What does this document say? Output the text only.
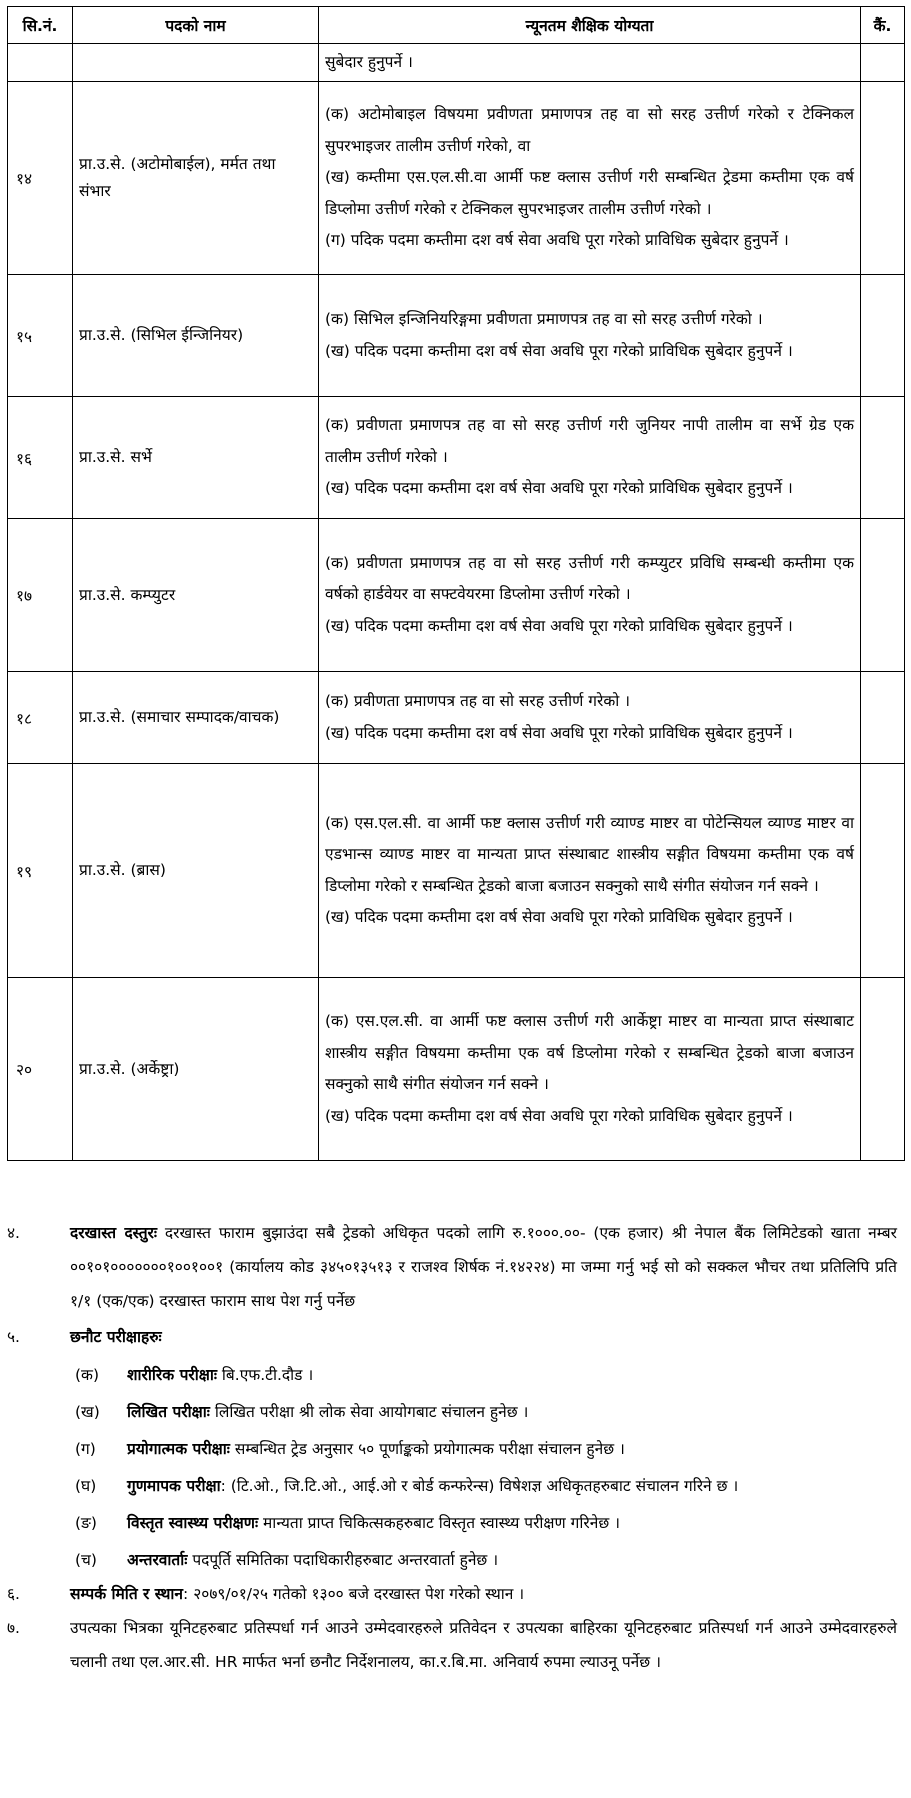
सि.नं.	पदको नाम	न्यूनतम शैक्षिक योग्यता	कैं.

		सुबेदार हुनुपर्ने ।	

१४	प्रा.उ.से. (अटोमोबाईल), मर्मत तथा संभार	(क) अटोमोबाइल विषयमा प्रवीणता प्रमाणपत्र तह वा सो सरह उत्तीर्ण गरेको र टेक्निकल सुपरभाइजर तालीम उत्तीर्ण गरेको, वा
(ख) कम्तीमा एस.एल.सी.वा आर्मी फष्ट क्लास उत्तीर्ण गरी सम्बन्धित ट्रेडमा कम्तीमा एक वर्ष डिप्लोमा उत्तीर्ण गरेको र टेक्निकल सुपरभाइजर तालीम उत्तीर्ण गरेको ।
(ग) पदिक पदमा कम्तीमा दश वर्ष सेवा अवधि पूरा गरेको प्राविधिक सुबेदार हुनुपर्ने ।	

१५	प्रा.उ.से. (सिभिल ईन्जिनियर)	(क) सिभिल इन्जिनियरिङ्गमा प्रवीणता प्रमाणपत्र तह वा सो सरह उत्तीर्ण गरेको ।
(ख) पदिक पदमा कम्तीमा दश वर्ष सेवा अवधि पूरा गरेको प्राविधिक सुबेदार हुनुपर्ने ।	

१६	प्रा.उ.से. सर्भे	(क) प्रवीणता प्रमाणपत्र तह वा सो सरह उत्तीर्ण गरी जुनियर नापी तालीम वा सर्भे ग्रेड एक तालीम उत्तीर्ण गरेको ।
(ख) पदिक पदमा कम्तीमा दश वर्ष सेवा अवधि पूरा गरेको प्राविधिक सुबेदार हुनुपर्ने ।	

१७	प्रा.उ.से. कम्प्युटर	(क) प्रवीणता प्रमाणपत्र तह वा सो सरह उत्तीर्ण गरी कम्प्युटर प्रविधि सम्बन्धी कम्तीमा एक वर्षको हार्डवेयर वा सफ्टवेयरमा डिप्लोमा उत्तीर्ण गरेको ।
(ख) पदिक पदमा कम्तीमा दश वर्ष सेवा अवधि पूरा गरेको प्राविधिक सुबेदार हुनुपर्ने ।	

१८	प्रा.उ.से. (समाचार सम्पादक/वाचक)	(क) प्रवीणता प्रमाणपत्र तह वा सो सरह उत्तीर्ण गरेको ।
(ख) पदिक पदमा कम्तीमा दश वर्ष सेवा अवधि पूरा गरेको प्राविधिक सुबेदार हुनुपर्ने ।	

१९	प्रा.उ.से. (ब्रास)	(क) एस.एल.सी. वा आर्मी फष्ट क्लास उत्तीर्ण गरी व्याण्ड माष्टर वा पोटेन्सियल व्याण्ड माष्टर वा एडभान्स व्याण्ड माष्टर वा मान्यता प्राप्त संस्थाबाट शास्त्रीय सङ्गीत विषयमा कम्तीमा एक वर्ष डिप्लोमा गरेको र सम्बन्धित ट्रेडको बाजा बजाउन सक्नुको साथै संगीत संयोजन गर्न सक्ने ।
(ख) पदिक पदमा कम्तीमा दश वर्ष सेवा अवधि पूरा गरेको प्राविधिक सुबेदार हुनुपर्ने ।	

२०	प्रा.उ.से. (अर्केष्ट्रा)	(क) एस.एल.सी. वा आर्मी फष्ट क्लास उत्तीर्ण गरी आर्केष्ट्रा माष्टर वा मान्यता प्राप्त संस्थाबाट शास्त्रीय सङ्गीत विषयमा कम्तीमा एक वर्ष डिप्लोमा गरेको र सम्बन्धित ट्रेडको बाजा बजाउन सक्नुको साथै संगीत संयोजन गर्न सक्ने ।
(ख) पदिक पदमा कम्तीमा दश वर्ष सेवा अवधि पूरा गरेको प्राविधिक सुबेदार हुनुपर्ने ।	

४.	दरखास्त दस्तुरः दरखास्त फाराम बुझाउंदा सबै ट्रेडको अधिकृत पदको लागि रु.१०००.००- (एक हजार) श्री नेपाल बैंक लिमिटेडको खाता नम्बर ००१०१०००००००१००१००१ (कार्यालय कोड ३४५०१३५१३ र राजश्व शिर्षक नं.१४२२४) मा जम्मा गर्नु भई सो को सक्कल भौचर तथा प्रतिलिपि प्रति १/१ (एक/एक) दरखास्त फाराम साथ पेश गर्नु पर्नेछ
५.	छनौट परीक्षाहरुः
(क) शारीरिक परीक्षाः बि.एफ.टी.दौड ।
(ख) लिखित परीक्षाः लिखित परीक्षा श्री लोक सेवा आयोगबाट संचालन हुनेछ ।
(ग) प्रयोगात्मक परीक्षाः सम्बन्धित ट्रेड अनुसार ५० पूर्णाङ्कको प्रयोगात्मक परीक्षा संचालन हुनेछ ।
(घ) गुणमापक परीक्षा: (टि.ओ., जि.टि.ओ., आई.ओ र बोर्ड कन्फरेन्स) विषेशज्ञ अधिकृतहरुबाट संचालन गरिने छ ।
(ङ) विस्तृत स्वास्थ्य परीक्षणः मान्यता प्राप्त चिकित्सकहरुबाट विस्तृत स्वास्थ्य परीक्षण गरिनेछ ।
(च) अन्तरवार्ताः पदपूर्ति समितिका पदाधिकारीहरुबाट अन्तरवार्ता हुनेछ ।
६.	सम्पर्क मिति र स्थान: २०७९/०१/२५ गतेको १३०० बजे दरखास्त पेश गरेको स्थान ।
७.	उपत्यका भित्रका यूनिटहरुबाट प्रतिस्पर्धा गर्न आउने उम्मेदवारहरुले प्रतिवेदन र उपत्यका बाहिरका यूनिटहरुबाट प्रतिस्पर्धा गर्न आउने उम्मेदवारहरुले चलानी तथा एल.आर.सी. HR मार्फत भर्ना छनौट निर्देशनालय, का.र.बि.मा. अनिवार्य रुपमा ल्याउनू पर्नेछ ।
